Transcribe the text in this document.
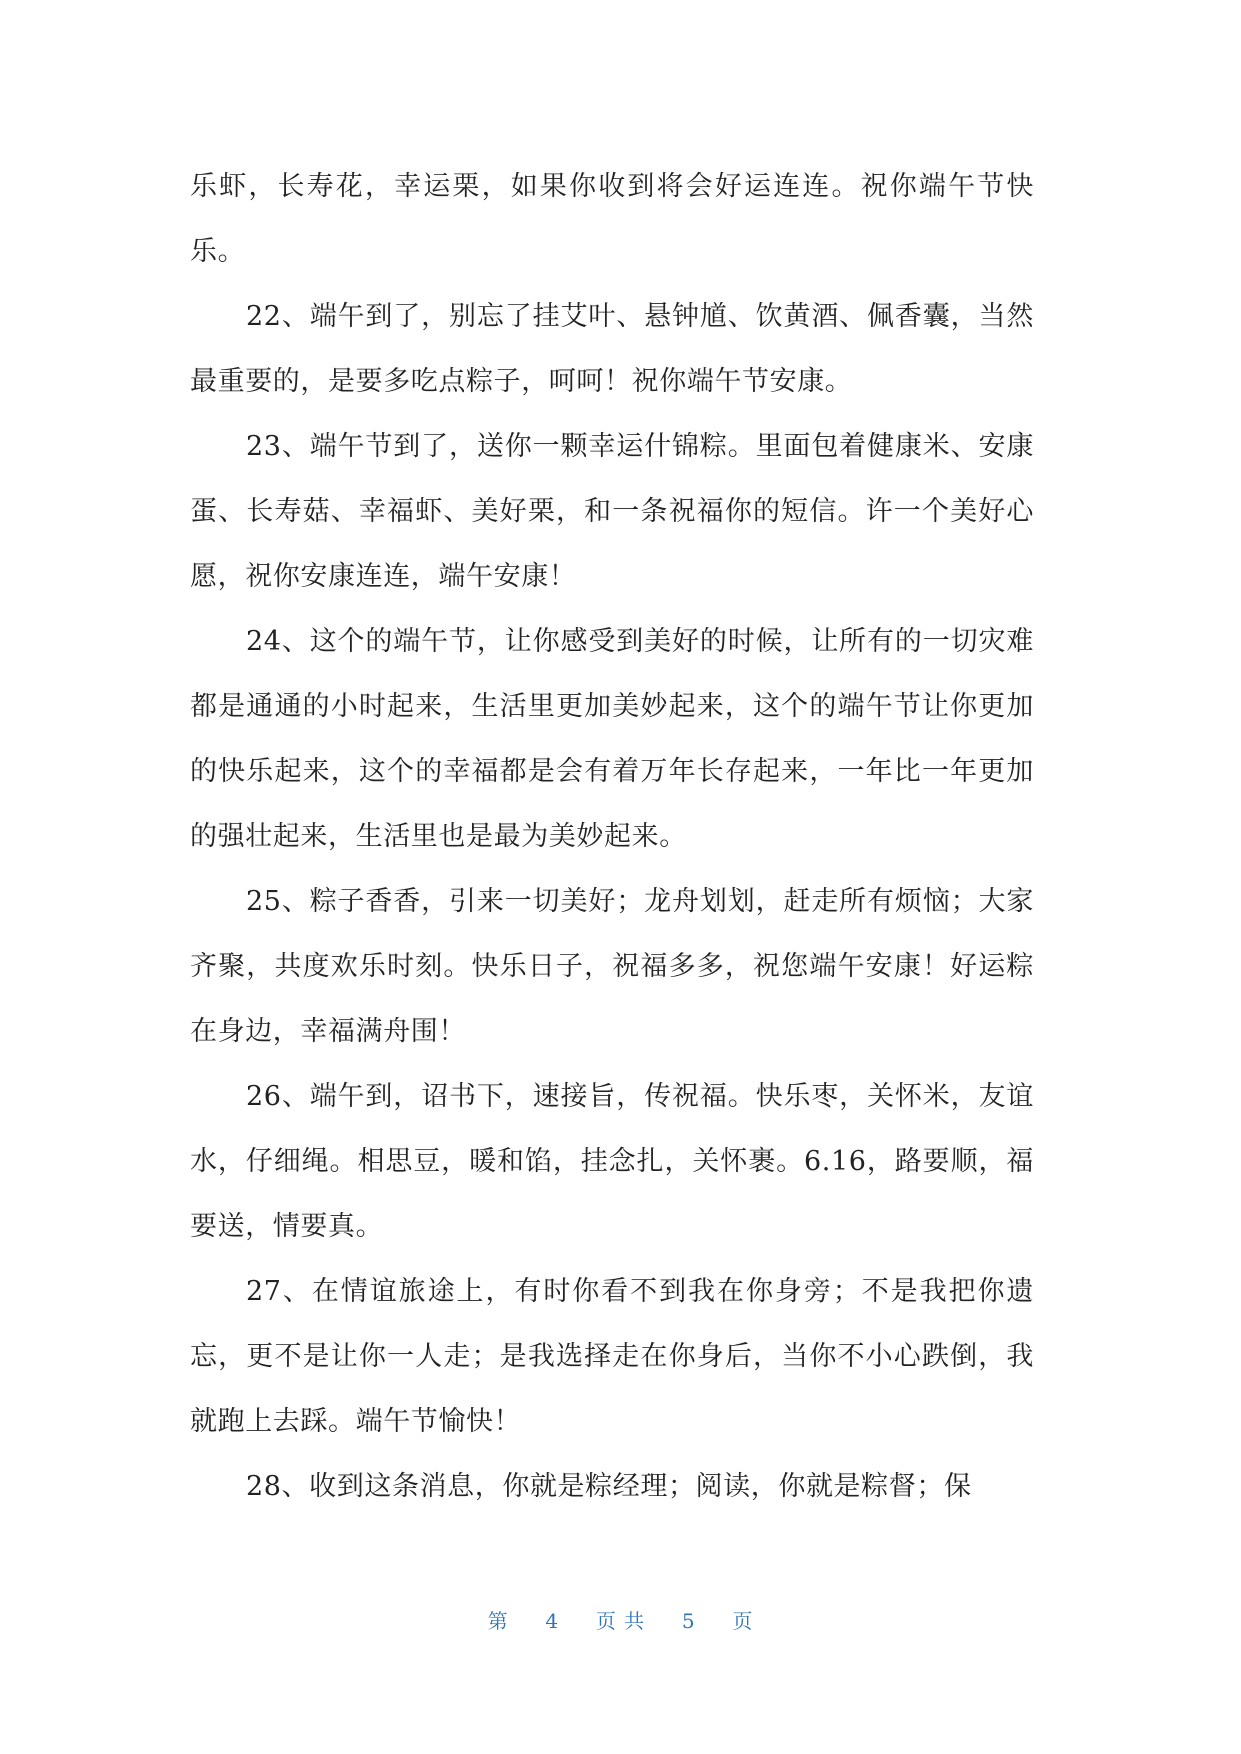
乐虾，长寿花，幸运栗，如果你收到将会好运连连。祝你端午节快乐。

22、端午到了，别忘了挂艾叶、悬钟馗、饮黄酒、佩香囊，当然最重要的，是要多吃点粽子，呵呵！祝你端午节安康。

23、端午节到了，送你一颗幸运什锦粽。里面包着健康米、安康蛋、长寿菇、幸福虾、美好栗，和一条祝福你的短信。许一个美好心愿，祝你安康连连，端午安康！

24、这个的端午节，让你感受到美好的时候，让所有的一切灾难都是通通的小时起来，生活里更加美妙起来，这个的端午节让你更加的快乐起来，这个的幸福都是会有着万年长存起来，一年比一年更加的强壮起来，生活里也是最为美妙起来。

25、粽子香香，引来一切美好；龙舟划划，赶走所有烦恼；大家齐聚，共度欢乐时刻。快乐日子，祝福多多，祝您端午安康！好运粽在身边，幸福满舟围！

26、端午到，诏书下，速接旨，传祝福。快乐枣，关怀米，友谊水，仔细绳。相思豆，暖和馅，挂念扎，关怀裹。6.16，路要顺，福要送，情要真。

27、在情谊旅途上，有时你看不到我在你身旁；不是我把你遗忘，更不是让你一人走；是我选择走在你身后，当你不小心跌倒，我就跑上去踩。端午节愉快！

28、收到这条消息，你就是粽经理；阅读，你就是粽督；保

第 4 页 共 5 页
